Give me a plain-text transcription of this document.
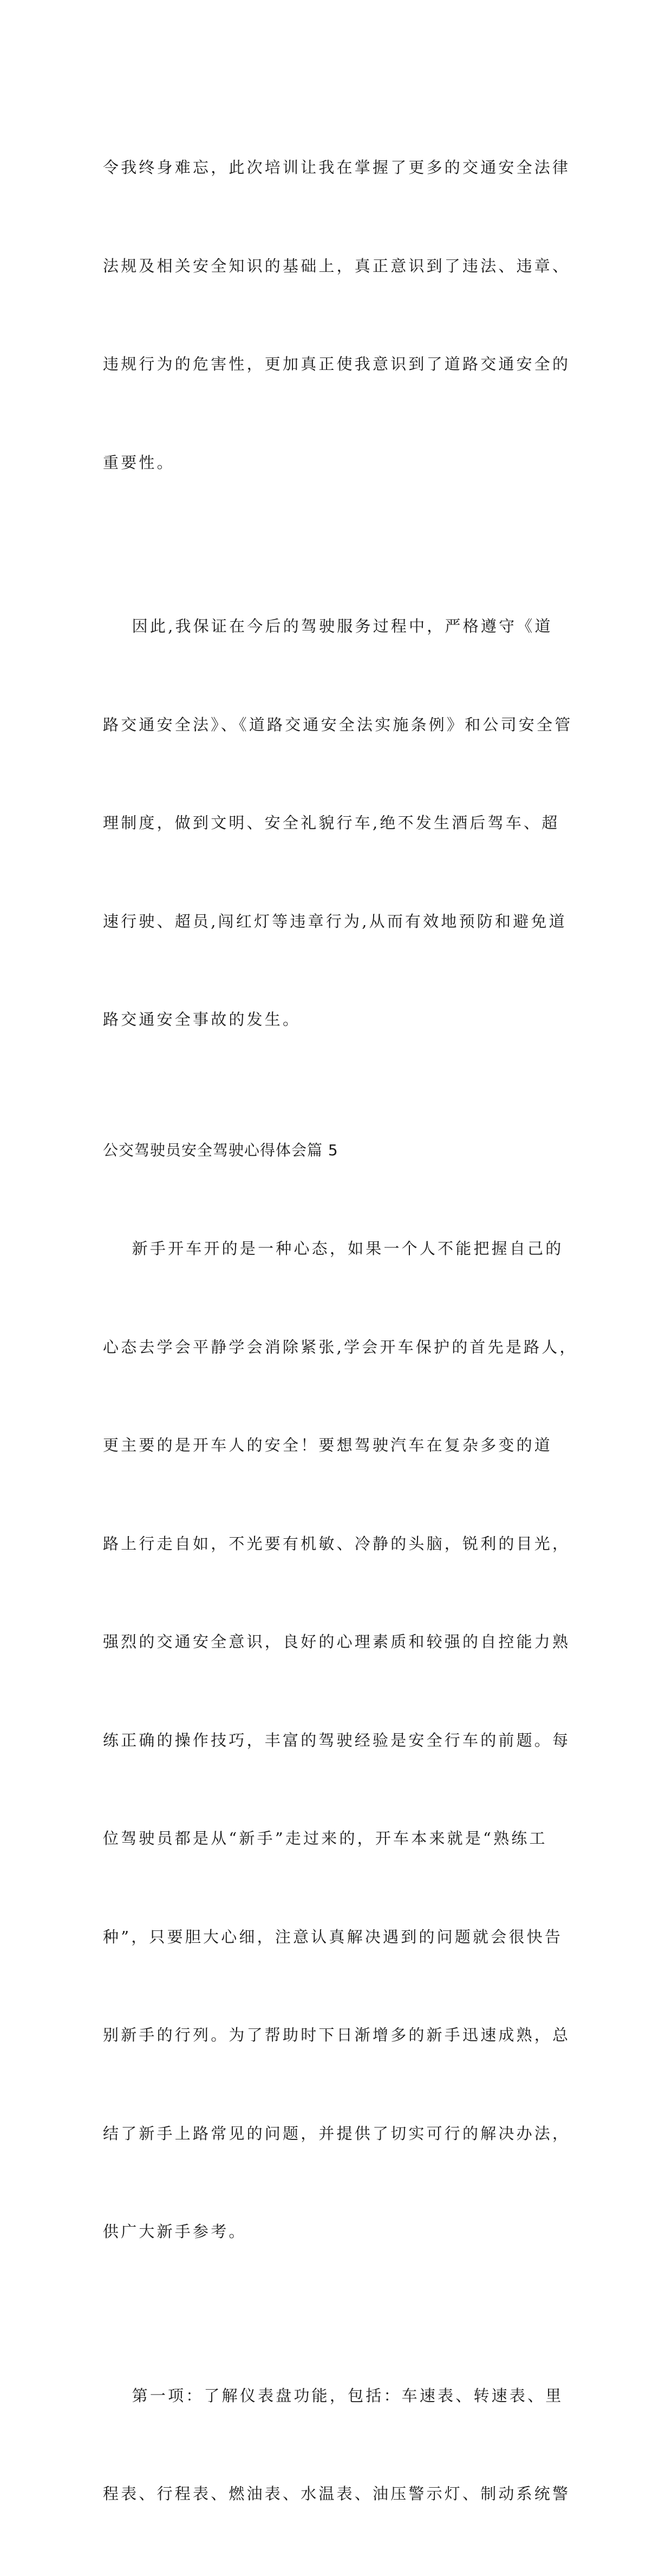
令我终身难忘，此次培训让我在掌握了更多的交通安全法律

法规及相关安全知识的基础上，真正意识到了违法、违章、

违规行为的危害性，更加真正使我意识到了道路交通安全的

重要性。

因此,我保证在今后的驾驶服务过程中，严格遵守《道

路交通安全法》、《道路交通安全法实施条例》和公司安全管

理制度，做到文明、安全礼貌行车,绝不发生酒后驾车、超

速行驶、超员,闯红灯等违章行为,从而有效地预防和避免道

路交通安全事故的发生。

公交驾驶员安全驾驶心得体会篇 5

新手开车开的是一种心态，如果一个人不能把握自己的

心态去学会平静学会消除紧张,学会开车保护的首先是路人，

更主要的是开车人的安全！要想驾驶汽车在复杂多变的道

路上行走自如，不光要有机敏、冷静的头脑，锐利的目光，

强烈的交通安全意识，良好的心理素质和较强的自控能力熟

练正确的操作技巧，丰富的驾驶经验是安全行车的前题。每

位驾驶员都是从“新手”走过来的，开车本来就是“熟练工

种”，只要胆大心细，注意认真解决遇到的问题就会很快告

别新手的行列。为了帮助时下日渐增多的新手迅速成熟，总

结了新手上路常见的问题，并提供了切实可行的解决办法，

供广大新手参考。

第一项：了解仪表盘功能，包括：车速表、转速表、里

程表、行程表、燃油表、水温表、油压警示灯、制动系统警
